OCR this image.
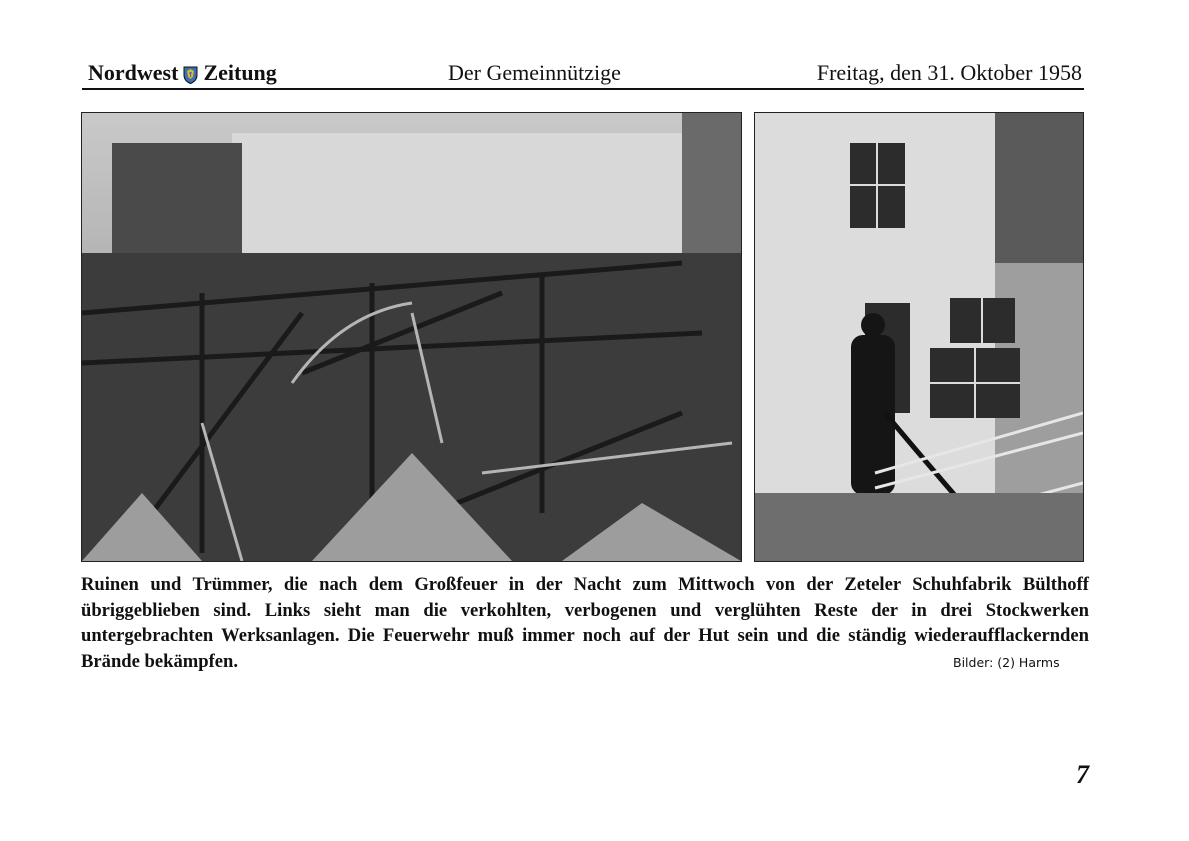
Nordwest Zeitung	Der Gemeinnützige	Freitag, den 31. Oktober 1958
Ruinen und Trümmer, die nach dem Großfeuer in der Nacht zum Mittwoch von der Zeteler Schuhfabrik Bülthoff übriggeblieben sind. Links sieht man die verkohlten, verbogenen und verglühten Reste der in drei Stockwerken untergebrachten Werksanlagen. Die Feuerwehr muß immer noch auf der Hut sein und die ständig wiederaufflackernden Brände bekämpfen.	Bilder: (2) Harms
7
